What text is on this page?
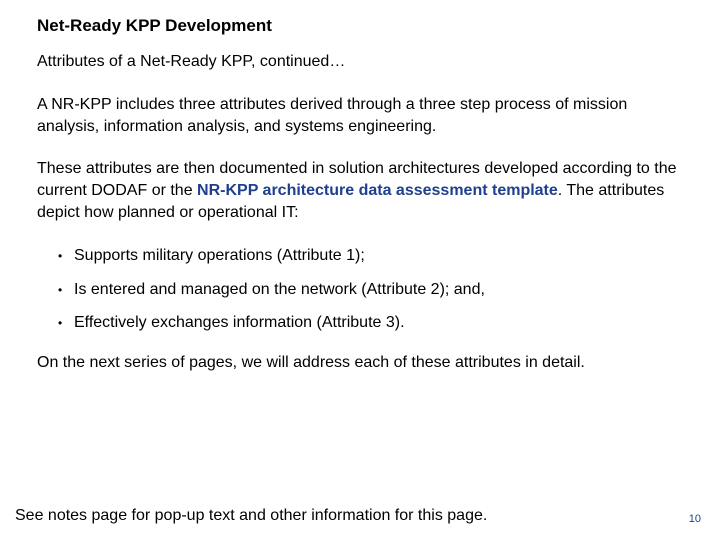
Net-Ready KPP Development
Attributes of a Net-Ready KPP, continued…
A NR-KPP includes three attributes derived through a three step process of mission analysis, information analysis, and systems engineering.
These attributes are then documented in solution architectures developed according to the current DODAF or the NR-KPP architecture data assessment template. The attributes depict how planned or operational IT:
• Supports military operations (Attribute 1);
• Is entered and managed on the network (Attribute 2); and,
• Effectively exchanges information (Attribute 3).
On the next series of pages, we will address each of these attributes in detail.
See notes page for pop-up text and other information for this page.	10
